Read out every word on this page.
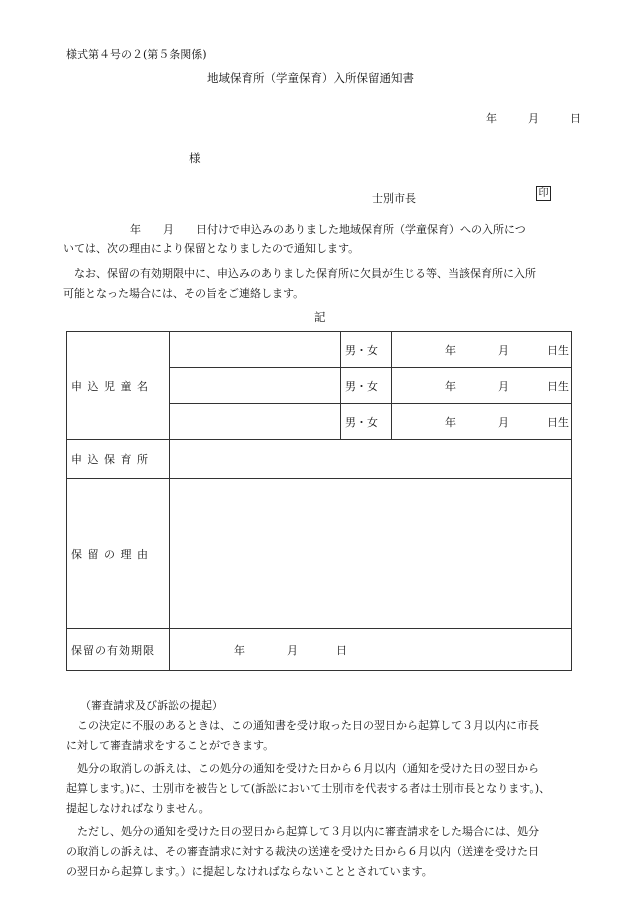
様式第４号の２(第５条関係)
地域保育所（学童保育）入所保留通知書
年	月	日
様
士別市長	印
年　　月　　日付けで申込みのありました地域保育所（学童保育）への入所につ
いては、次の理由により保留となりましたので通知します。
なお、保留の有効期限中に、申込みのありました保育所に欠員が生じる等、当該保育所に入所
可能となった場合には、その旨をご連絡します。
記
申込児童名		男・女	年 月 日生
		男・女	年 月 日生
		男・女	年 月 日生
申込保育所			
保留の理由			
保留の有効期限	年 月 日		
（審査請求及び訴訟の提起）
この決定に不服のあるときは、この通知書を受け取った日の翌日から起算して３月以内に市長
に対して審査請求をすることができます。
処分の取消しの訴えは、この処分の通知を受けた日から６月以内（通知を受けた日の翌日から
起算します。)に、士別市を被告として(訴訟において士別市を代表する者は士別市長となります。)、
提起しなければなりません。
ただし、処分の通知を受けた日の翌日から起算して３月以内に審査請求をした場合には、処分
の取消しの訴えは、その審査請求に対する裁決の送達を受けた日から６月以内（送達を受けた日
の翌日から起算します。）に提起しなければならないこととされています。
